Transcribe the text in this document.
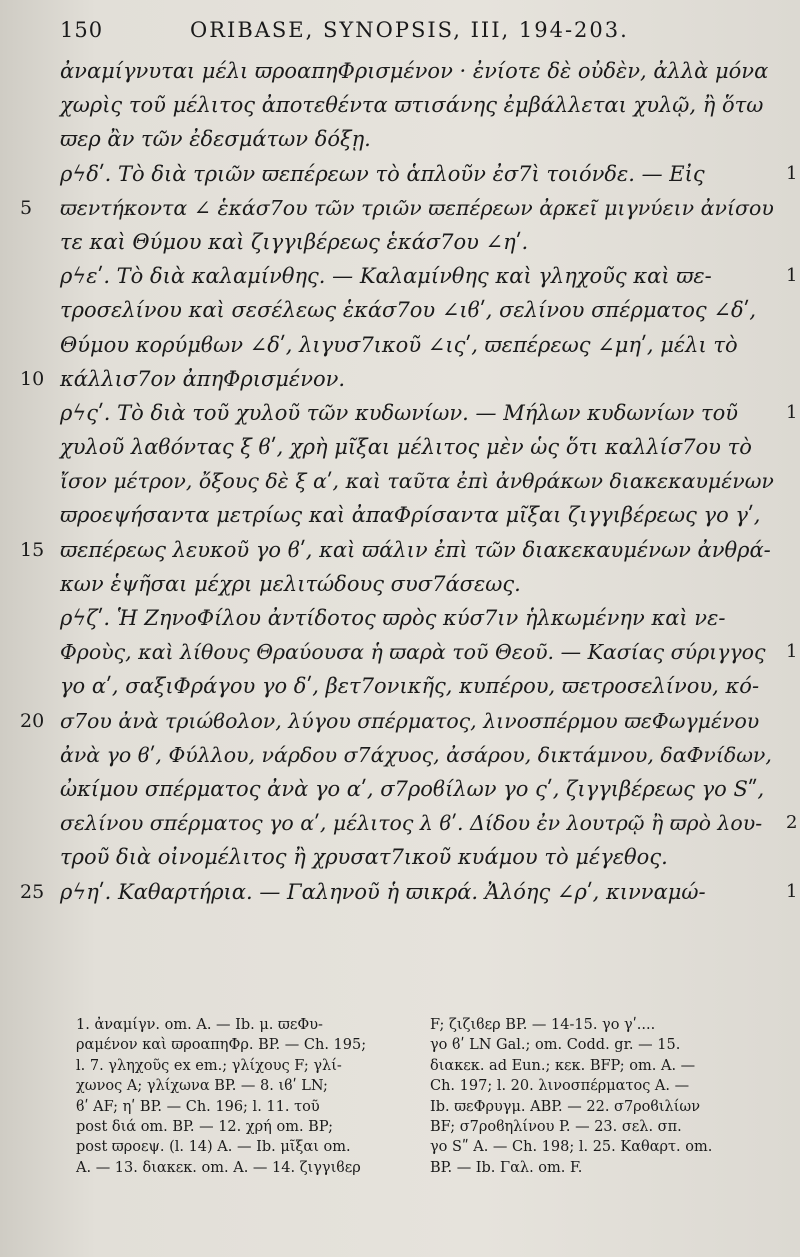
150	ORIBASE, SYNOPSIS, III, 194-203.
ἀναμίγνυται μέλι ϖροαπηΦρισμένον · ἐνίοτε δὲ οὐδὲν, ἀλλὰ μόνα
χωρὶς τοῦ μέλιτος ἀποτεθέντα ϖτισάνης ἐμβάλλεται χυλῷ, ἢ ὅτω
ϖερ ἂν τῶν ἐδεσμάτων δόξῃ.
ρϟδʹ. Τὸ διὰ τριῶν ϖεπέρεων τὸ ἁπλοῦν ἐσ7ὶ τοιόνδε. — Εἰς	1
5	ϖεντήκοντα ∠ ἑκάσ7ου τῶν τριῶν ϖεπέρεων ἀρκεῖ μιγνύειν ἀνίσου
τε καὶ Θύμου καὶ ζιγγιβέρεως ἑκάσ7ου ∠ηʹ.
ρϟεʹ. Τὸ διὰ καλαμίνθης. — Καλαμίνθης καὶ γληχοῦς καὶ ϖε-	1
τροσελίνου καὶ σεσέλεως ἑκάσ7ου ∠ιϐʹ, σελίνου σπέρματος ∠δʹ,
Θύμου κορύμϐων ∠δʹ, λιγυσ7ικοῦ ∠ιςʹ, ϖεπέρεως ∠μηʹ, μέλι τὸ
10 κάλλισ7ον ἀπηΦρισμένον.
ρϟςʹ. Τὸ διὰ τοῦ χυλοῦ τῶν κυδωνίων. — Μήλων κυδωνίων τοῦ	1
χυλοῦ λαϐόντας ξ ϐʹ, χρὴ μῖξαι μέλιτος μὲν ὡς ὅτι καλλίσ7ου τὸ
ἴσον μέτρον, ὄξους δὲ ξ αʹ, καὶ ταῦτα ἐπὶ ἀνθράκων διακεκαυμένων
ϖροεψήσαντα μετρίως καὶ ἀπαΦρίσαντα μῖξαι ζιγγιβέρεως γο γʹ,
15 ϖεπέρεως λευκοῦ γο ϐʹ, καὶ ϖάλιν ἐπὶ τῶν διακεκαυμένων ἀνθρά-
κων ἑψῆσαι μέχρι μελιτώδους συσ7άσεως.
ρϟζʹ. Ἡ ΖηνοΦίλου ἀντίδοτος ϖρὸς κύσ7ιν ἡλκωμένην καὶ νε-
Φροὺς, καὶ λίθους Θραύουσα ἡ ϖαρὰ τοῦ Θεοῦ. — Κασίας σύριγγος 1
γο αʹ, σαξιΦράγου γο δʹ, βετ7ονικῆς, κυπέρου, ϖετροσελίνου, κό-
20 σ7ου ἀνὰ τριώϐολον, λύγου σπέρματος, λινοσπέρμου ϖεΦωγμένου
ἀνὰ γο ϐʹ, Φύλλου, νάρδου σ7άχυος, ἀσάρου, δικτάμνου, δαΦνίδων,
ὠκίμου σπέρματος ἀνὰ γο αʹ, σ7ροϐίλων γο ςʹ, ζιγγιβέρεως γο Sʺ,
σελίνου σπέρματος γο αʹ, μέλιτος λ ϐʹ. Δίδου ἐν λουτρῷ ἢ ϖρὸ λου- 2
τροῦ διὰ οἰνομέλιτος ἢ χρυσατ7ικοῦ κυάμου τὸ μέγεθος.
25 ρϟηʹ. Καθαρτήρια. — Γαληνοῦ ἡ ϖικρά. Ἀλόης ∠ρʹ, κινναμώ-	1
1. ἀναμίγν. om. A. — Ib. μ. ϖεΦυ-
ραμένον καὶ ϖροαπηΦρ. BP. — Ch. 195;
l. 7. γληχοῦς ex em.; γλίχους F; γλί-
χωνος A; γλίχωνα BP. — 8. ιϐʹ LN;
ϐʹ AF; ηʹ BP. — Ch. 196; l. 11. τοῦ
post διά om. BP. — 12. χρή om. BP;
post ϖροεψ. (l. 14) A. — Ib. μῖξαι om.
A. — 13. διακεκ. om. A. — 14. ζιγγιϐερ
F; ζιζιϐερ BP. — 14-15. γο γʹ....
γο ϐʹ LN Gal.; om. Codd. gr. — 15.
διακεκ. ad Eun.; κεκ. BFP; om. A. —
Ch. 197; l. 20. λινοσπέρματος A. —
Ib. ϖεΦρυγμ. ABP. — 22. σ7ροϐιλίων
BF; σ7ροϐηλίνου P. — 23. σελ. σπ.
γο Sʺ A. — Ch. 198; l. 25. Καθαρτ. om.
BP. — Ib. Γαλ. om. F.
